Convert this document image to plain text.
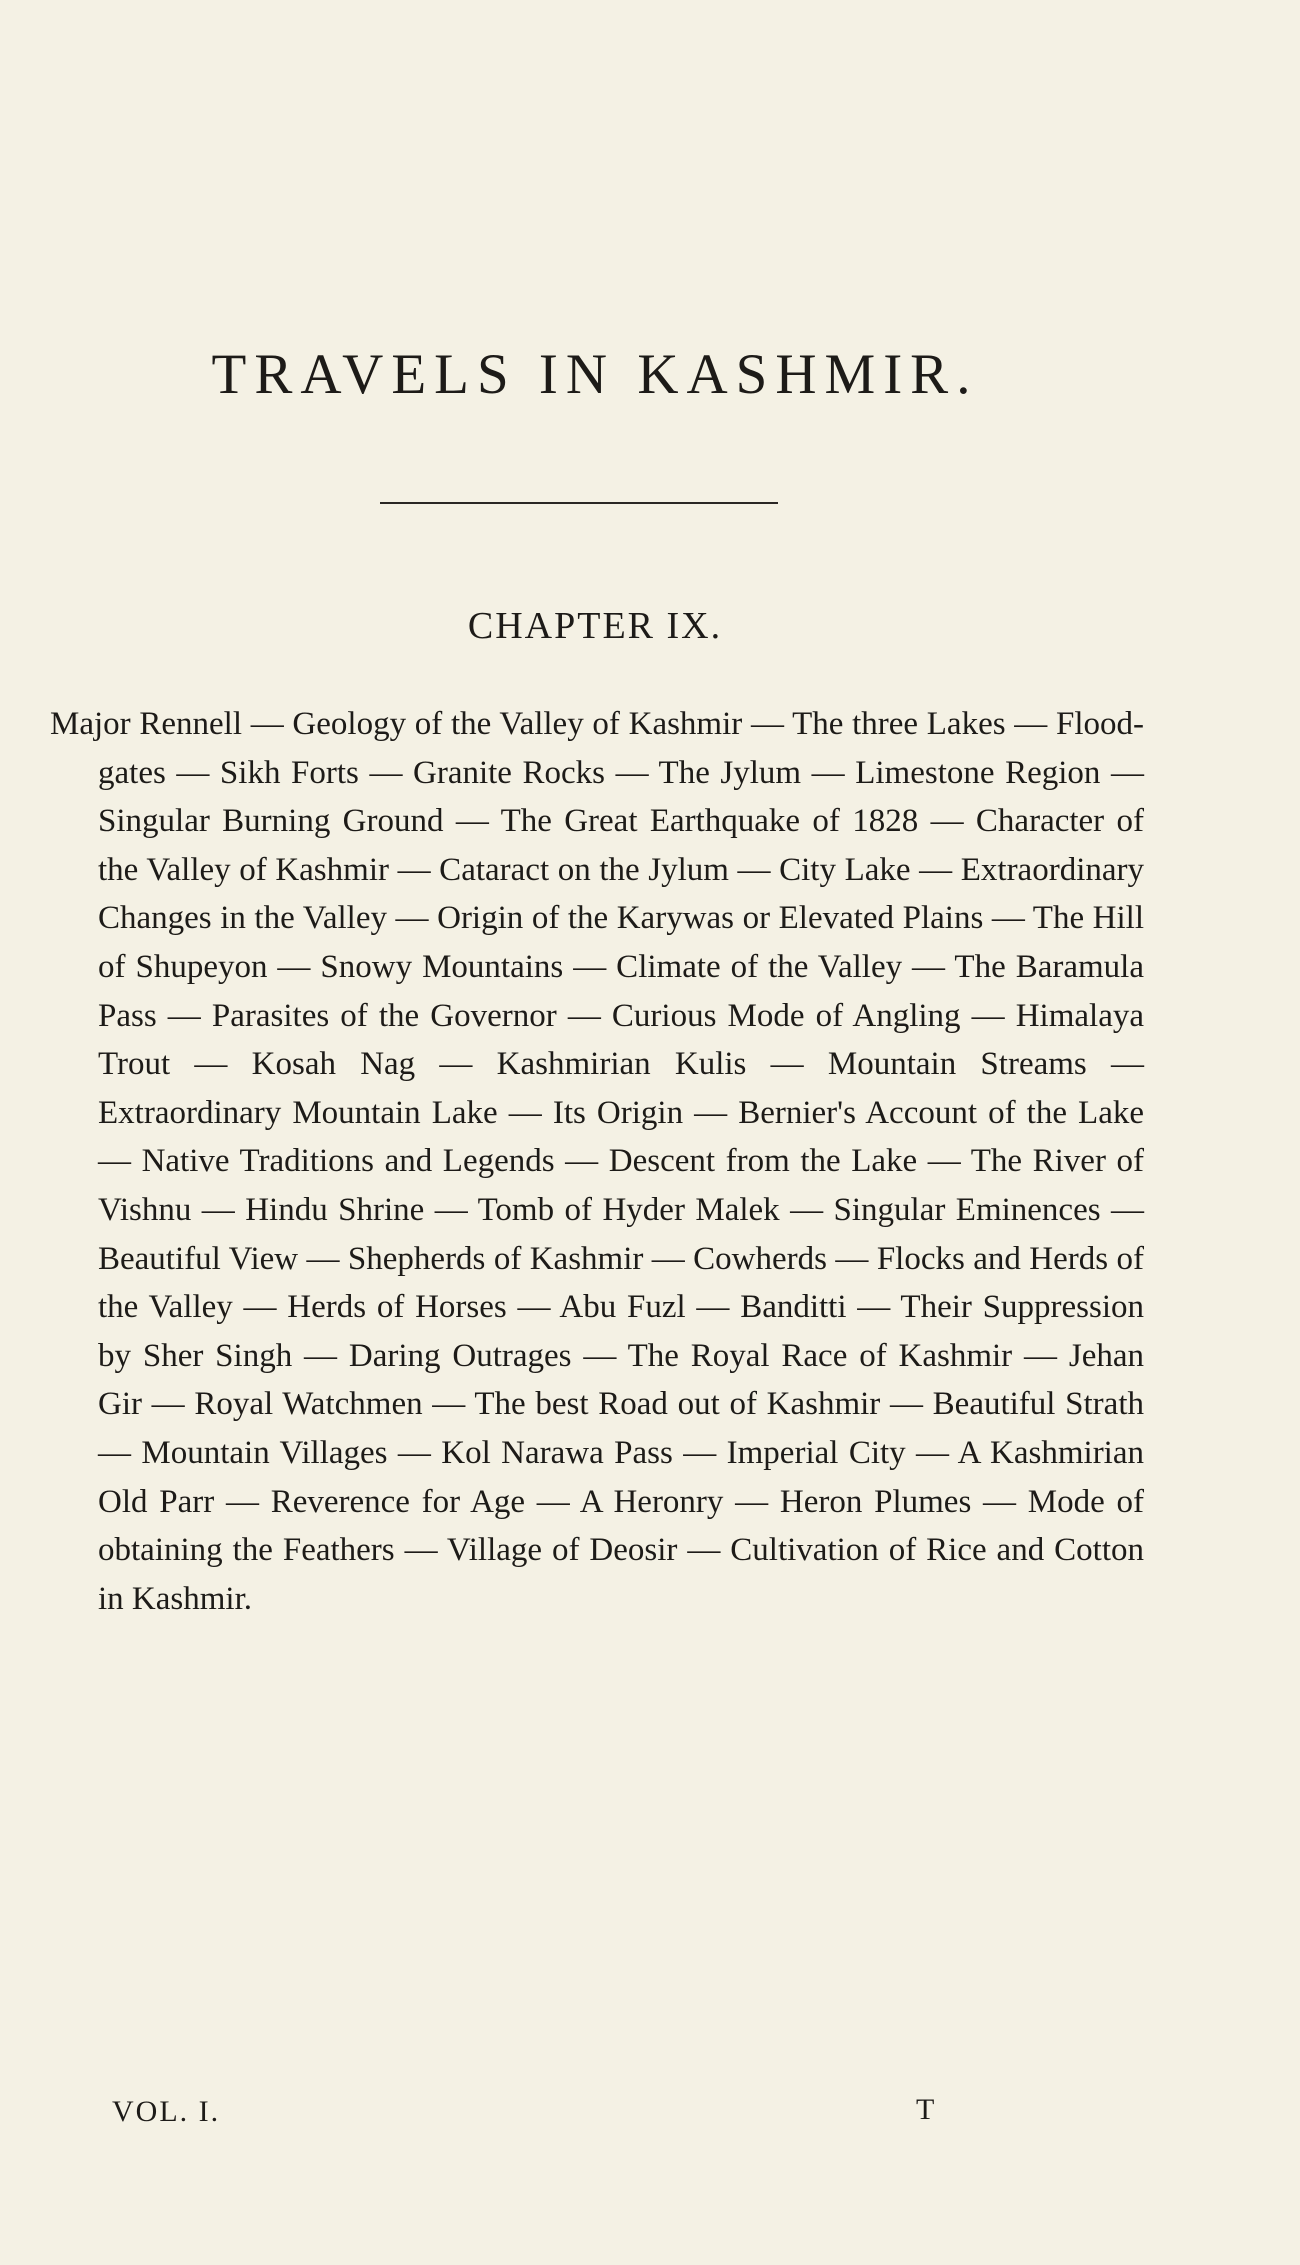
TRAVELS IN KASHMIR.
CHAPTER IX.

Major Rennell — Geology of the Valley of Kashmir — The three Lakes — Flood-gates — Sikh Forts — Granite Rocks — The Jylum — Limestone Region — Singular Burning Ground — The Great Earthquake of 1828 — Character of the Valley of Kashmir — Cataract on the Jylum — City Lake — Extraordinary Changes in the Valley — Origin of the Karywas or Elevated Plains — The Hill of Shupeyon — Snowy Mountains — Climate of the Valley — The Baramula Pass — Parasites of the Governor — Curious Mode of Angling — Himalaya Trout — Kosah Nag — Kashmirian Kulis — Mountain Streams — Extraordinary Mountain Lake — Its Origin — Bernier's Account of the Lake — Native Traditions and Legends — Descent from the Lake — The River of Vishnu — Hindu Shrine — Tomb of Hyder Malek — Singular Eminences — Beautiful View — Shepherds of Kashmir — Cowherds — Flocks and Herds of the Valley — Herds of Horses — Abu Fuzl — Banditti — Their Suppression by Sher Singh — Daring Outrages — The Royal Race of Kashmir — Jehan Gir — Royal Watchmen — The best Road out of Kashmir — Beautiful Strath — Mountain Villages — Kol Narawa Pass — Imperial City — A Kashmirian Old Parr — Reverence for Age — A Heronry — Heron Plumes — Mode of obtaining the Feathers — Village of Deosir — Cultivation of Rice and Cotton in Kashmir.

VOL. I.	T
